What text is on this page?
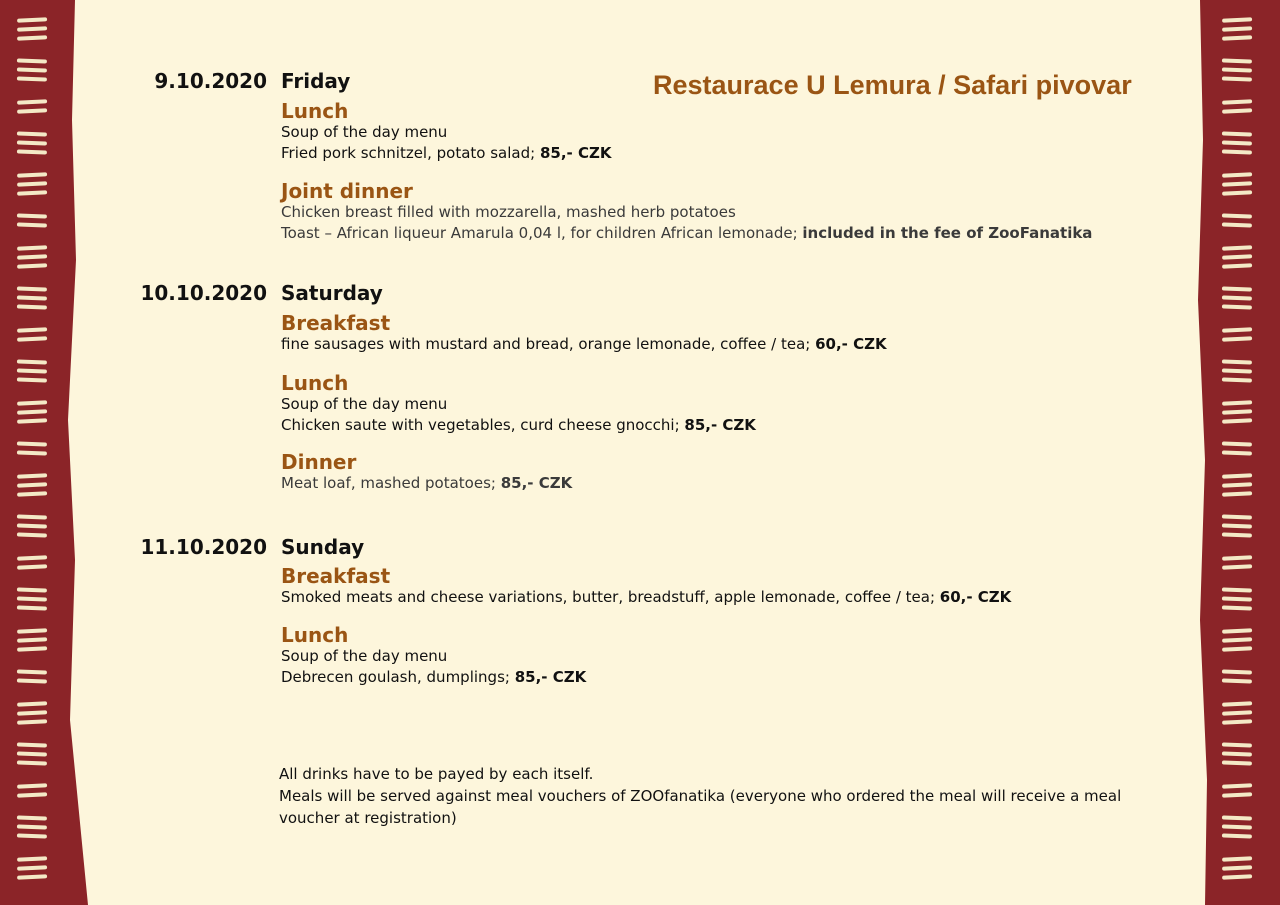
Restaurace U Lemura / Safari pivovar
9.10.2020 Friday
Lunch
Soup of the day menu
Fried pork schnitzel, potato salad; 85,- CZK
Joint dinner
Chicken breast filled with mozzarella, mashed herb potatoes
Toast – African liqueur Amarula 0,04 l, for children African lemonade; included in the fee of ZooFanatika
10.10.2020 Saturday
Breakfast
fine sausages with mustard and bread, orange lemonade, coffee / tea; 60,- CZK
Lunch
Soup of the day menu
Chicken saute with vegetables, curd cheese gnocchi; 85,- CZK
Dinner
Meat loaf, mashed potatoes; 85,- CZK
11.10.2020 Sunday
Breakfast
Smoked meats and cheese variations, butter, breadstuff, apple lemonade, coffee / tea; 60,- CZK
Lunch
Soup of the day menu
Debrecen goulash, dumplings; 85,- CZK

All drinks have to be payed by each itself.

Meals will be served against meal vouchers of ZOOfanatika (everyone who ordered the meal will receive a meal voucher at registration)
